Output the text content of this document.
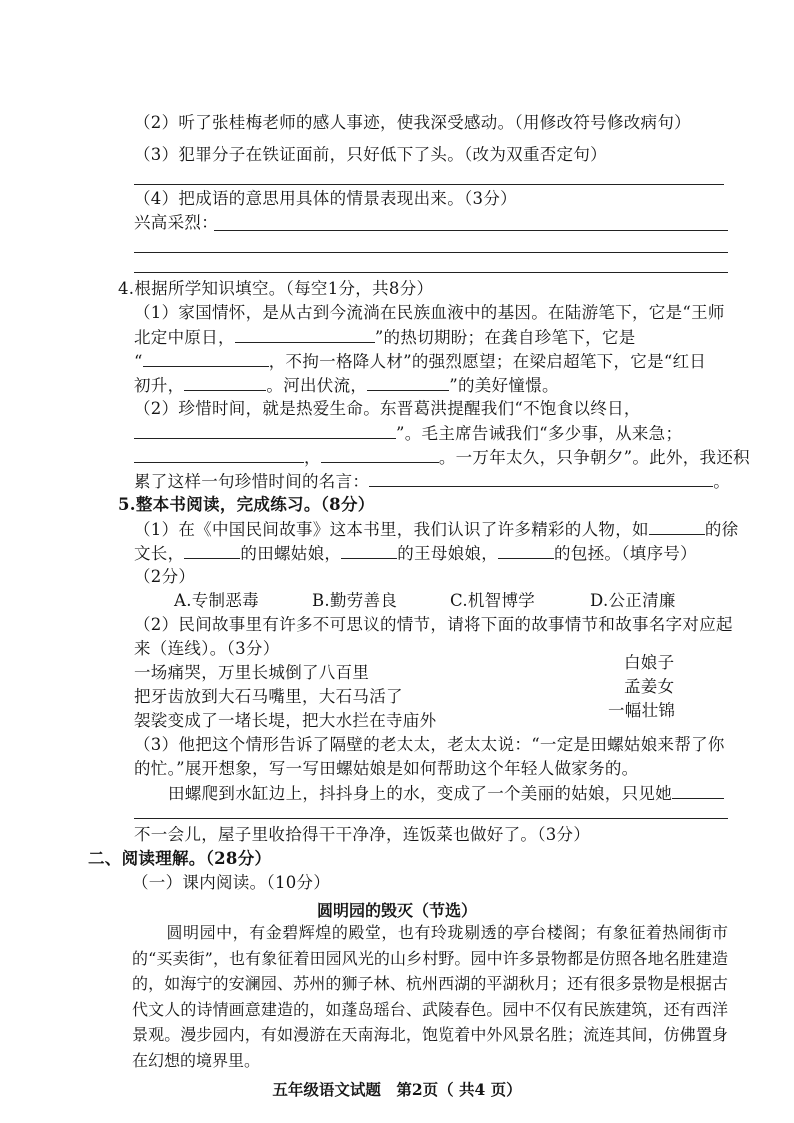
（2）听了张桂梅老师的感人事迹，使我深受感动。（用修改符号修改病句）
（3）犯罪分子在铁证面前，只好低下了头。（改为双重否定句）
（4）把成语的意思用具体的情景表现出来。（3分）
兴高采烈：
4.根据所学知识填空。（每空1分，共8分）
（1）家国情怀，是从古到今流淌在民族血液中的基因。在陆游笔下，它是“王师
北定中原日，	”的热切期盼；在龚自珍笔下，它是
“	，不拘一格降人材”的强烈愿望；在梁启超笔下，它是“红日
初升，	。河出伏流，	”的美好憧憬。
（2）珍惜时间，就是热爱生命。东晋葛洪提醒我们“不饱食以终日，
”。毛主席告诫我们“多少事，从来急；
，	。一万年太久，只争朝夕”。此外，我还积
累了这样一句珍惜时间的名言：	。
5.整本书阅读，完成练习。（8分）
（1）在《中国民间故事》这本书里，我们认识了许多精彩的人物，如	的徐
文长，	的田螺姑娘，	的王母娘娘，	的包拯。（填序号）
（2分）
A.专制恶毒	B.勤劳善良	C.机智博学	D.公正清廉
（2）民间故事里有许多不可思议的情节，请将下面的故事情节和故事名字对应起
来（连线）。（3分）
一场痛哭，万里长城倒了八百里
把牙齿放到大石马嘴里，大石马活了
袈裟变成了一堵长堤，把大水拦在寺庙外
白娘子
孟姜女
一幅壮锦
（3）他把这个情形告诉了隔壁的老太太，老太太说：“一定是田螺姑娘来帮了你
的忙。”展开想象，写一写田螺姑娘是如何帮助这个年轻人做家务的。
田螺爬到水缸边上，抖抖身上的水，变成了一个美丽的姑娘，只见她
不一会儿，屋子里收拾得干干净净，连饭菜也做好了。（3分）
二、阅读理解。（28分）
（一）课内阅读。（10分）
圆明园的毁灭（节选）
圆明园中，有金碧辉煌的殿堂，也有玲珑剔透的亭台楼阁；有象征着热闹街市的“买卖街”，也有象征着田园风光的山乡村野。园中许多景物都是仿照各地名胜建造的，如海宁的安澜园、苏州的狮子林、杭州西湖的平湖秋月；还有很多景物是根据古代文人的诗情画意建造的，如蓬岛瑶台、武陵春色。园中不仅有民族建筑，还有西洋景观。漫步园内，有如漫游在天南海北，饱览着中外风景名胜；流连其间，仿佛置身在幻想的境界里。
五年级语文试题　第2页（ 共4 页）
